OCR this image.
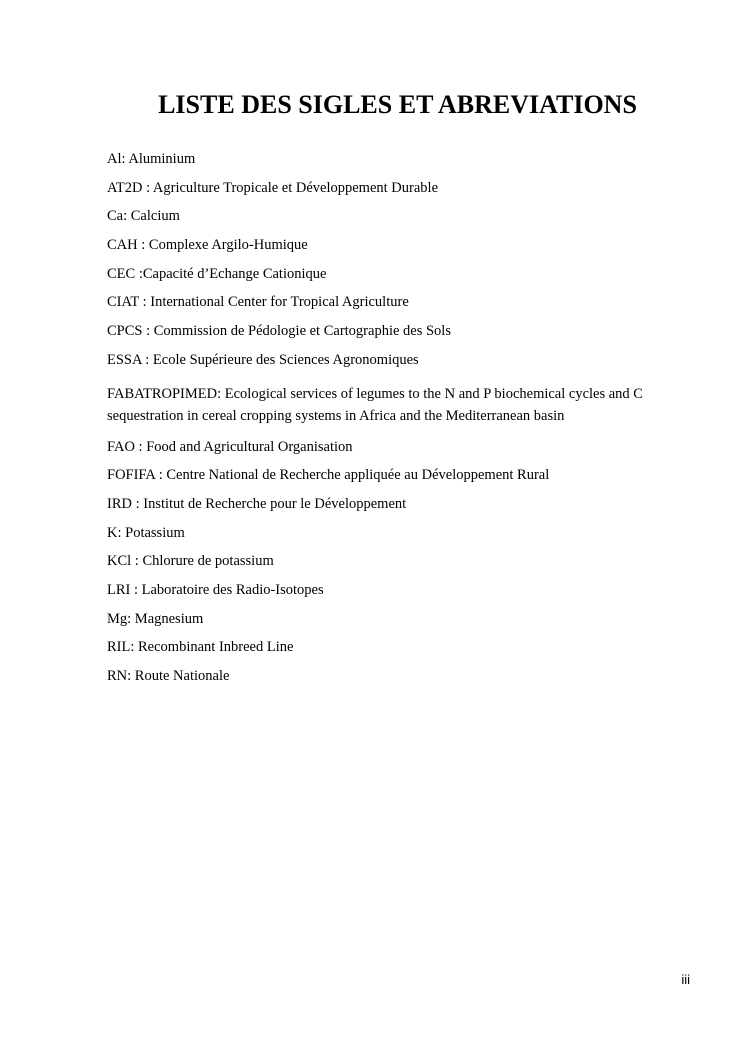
LISTE DES SIGLES ET ABREVIATIONS
Al: Aluminium
AT2D : Agriculture Tropicale et Développement Durable
Ca: Calcium
CAH : Complexe Argilo-Humique
CEC :Capacité d’Echange Cationique
CIAT : International Center for Tropical Agriculture
CPCS : Commission de Pédologie et Cartographie des Sols
ESSA : Ecole Supérieure des Sciences Agronomiques
FABATROPIMED: Ecological services of legumes to the N and P biochemical cycles and C sequestration in cereal cropping systems in Africa and the Mediterranean basin
FAO : Food and Agricultural Organisation
FOFIFA : Centre National de Recherche appliquée au Développement Rural
IRD : Institut de Recherche pour le Développement
K: Potassium
KCl : Chlorure de potassium
LRI : Laboratoire des Radio-Isotopes
Mg: Magnesium
RIL: Recombinant Inbreed Line
RN: Route Nationale
iii
